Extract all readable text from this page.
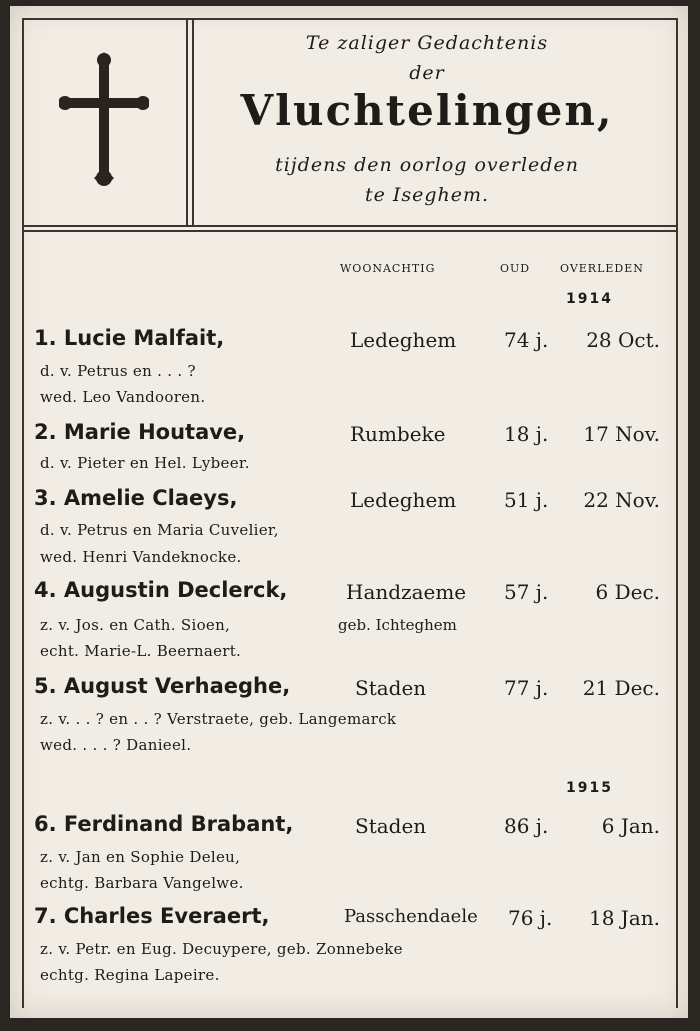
Te zaliger Gedachtenis
der
Vluchtelingen,
tijdens den oorlog overleden
te Iseghem.
WOONACHTIG	OUD	OVERLEDEN
1914
1. Lucie Malfait,	Ledeghem 74 j. 28 Oct.
d. v. Petrus en . . . ?
wed. Leo Vandooren.
2. Marie Houtave,	Rumbeke	18 j. 17 Nov.
d. v. Pieter en Hel. Lybeer.
3. Amelie Claeys,	Ledeghem 51 j. 22 Nov.
d. v. Petrus en Maria Cuvelier,
wed. Henri Vandeknocke.
4. Augustin Declerck,	Handzaeme 57 j. 6 Dec.
z. v. Jos. en Cath. Sioen,	geb. Ichteghem
echt. Marie-L. Beernaert.
5. August Verhaeghe,	Staden	77 j. 21 Dec.
z. v. . . ? en . . ? Verstraete, geb. Langemarck
wed. . . . ? Danieel.
1915
6. Ferdinand Brabant,	Staden	86 j.	6 Jan.
z. v. Jan en Sophie Deleu,
echtg. Barbara Vangelwe.
7. Charles Everaert,	Passchendaele 76 j. 18 Jan.
z. v. Petr. en Eug. Decuypere, geb. Zonnebeke
echtg. Regina Lapeire.
